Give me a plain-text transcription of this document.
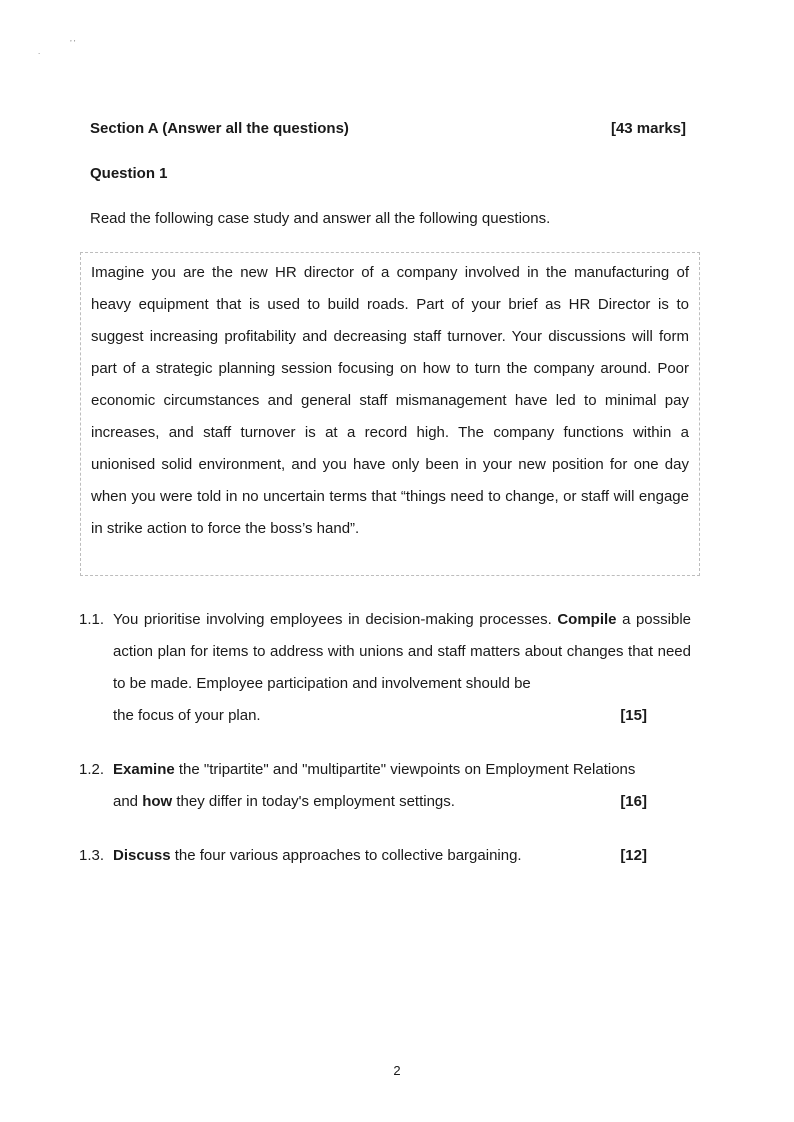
.
’ ’
Section A (Answer all the questions)	[43 marks]
Question 1
Read the following case study and answer all the following questions.

Imagine you are the new HR director of a company involved in the manufacturing of heavy equipment that is used to build roads. Part of your brief as HR Director is to suggest increasing profitability and decreasing staff turnover. Your discussions will form part of a strategic planning session focusing on how to turn the company around. Poor economic circumstances and general staff mismanagement have led to minimal pay increases, and staff turnover is at a record high. The company functions within a unionised solid environment, and you have only been in your new position for one day when you were told in no uncertain terms that “things need to change, or staff will engage in strike action to force the boss’s hand”.

1.1. You prioritise involving employees in decision-making processes. Compile a possible action plan for items to address with unions and staff matters about changes that need to be made. Employee participation and involvement should be
the focus of your plan.	[15]
1.2. Examine the "tripartite" and "multipartite" viewpoints on Employment Relations
and how they differ in today's employment settings.	[16]
1.3. Discuss the four various approaches to collective bargaining.	[12]
2
